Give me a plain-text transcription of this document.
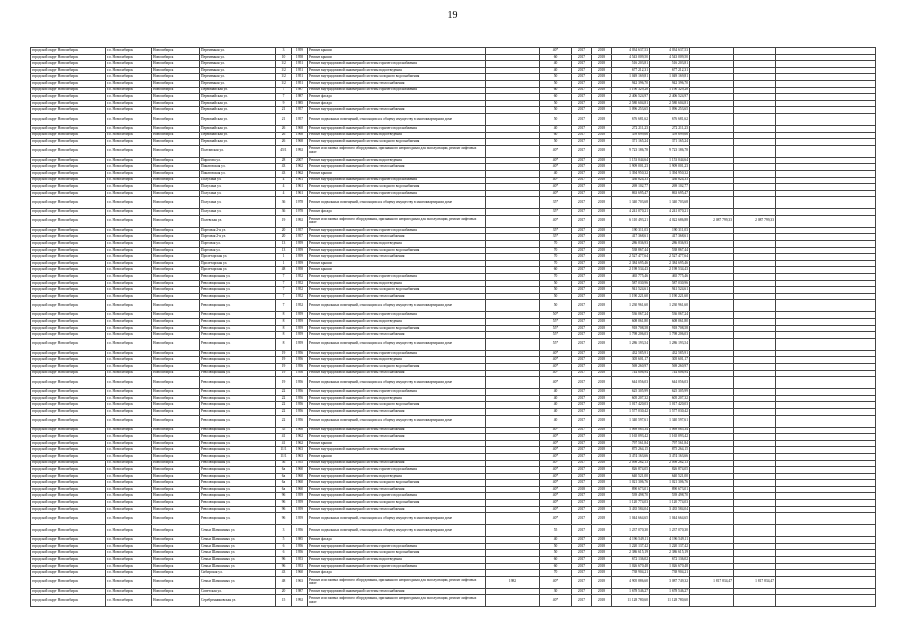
19
городской округ Новосибирск	г.о. Новосибирск	Новосибирск	Переменная ул.	3	1959	Ремонт крыши		40*	2017	2018	4 034 637,53	4 034 637,53			
городской округ Новосибирск	г.о. Новосибирск	Новосибирск	Переменная ул.	10	1958	Ремонт крыши		60	2017	2018	4 543 009,50	4 543 009,50			
городской округ Новосибирск	г.о. Новосибирск	Новосибирск	Переменная ул.	1/2	1951	Ремонт внутридомовой инженерной системы горячего водоснабжения		40	2017	2018	516 203,81	516 203,81			
городской округ Новосибирск	г.о. Новосибирск	Новосибирск	Переменная ул.	1/2	1951	Ремонт внутридомовой инженерной системы водоотведения		40	2017	2018	677 212,31	677 212,31			
городской округ Новосибирск	г.о. Новосибирск	Новосибирск	Переменная ул.	1/2	1951	Ремонт внутридомовой инженерной системы холодного водоснабжения		50	2017	2018	1 049 169,81	1 049 169,81			
городской округ Новосибирск	г.о. Новосибирск	Новосибирск	Переменная ул.	1/2	1951	Ремонт внутридомовой инженерной системы теплоснабжения		50	2017	2018	942 396,70	942 396,70			
городской округ Новосибирск	г.о. Новосибирск	Новосибирск	Первомайская ул.	7	1987	Ремонт внутридомовой инженерной системы горячего водоснабжения		60	2017	2018	1 190 329,28	1 190 329,28			
городской округ Новосибирск	г.о. Новосибирск	Новосибирск	Первомайская ул.	7	1987	Ремонт фасада		60	2017	2018	2 406 524,97	2 406 524,97			
городской округ Новосибирск	г.о. Новосибирск	Новосибирск	Первомайская ул.	9	1985	Ремонт фасада		50	2017	2018	2 580 604,81	2 580 604,81			
городской округ Новосибирск	г.о. Новосибирск	Новосибирск	Первомайская ул.	21	1957	Ремонт внутридомовой инженерной системы теплоснабжения		50	2017	2018	1 096 253,65	1 096 253,65			
городской округ Новосибирск	г.о. Новосибирск	Новосибирск	Первомайская ул.	21	1957	Ремонт подвальных помещений, относящихся к общему имуществу в многоквартирном доме		50	2017	2018	676 681,62	676 681,62			
городской округ Новосибирск	г.о. Новосибирск	Новосибирск	Первомайская ул.	26	1968	Ремонт внутридомовой инженерной системы горячего водоснабжения		40	2017	2018	272 211,23	272 211,23			
городской округ Новосибирск	г.о. Новосибирск	Новосибирск	Первомайская ул.	26	1968	Ремонт внутридомовой инженерной системы водоотведения		60	2017	2018	359 699,66	359 699,66			
городской округ Новосибирск	г.о. Новосибирск	Новосибирск	Первомайская ул.	26	1968	Ремонт внутридомовой инженерной системы холодного водоснабжения		50	2017	2018	371 165,24	371 165,24			
городской округ Новосибирск	г.о. Новосибирск	Новосибирск	Полтавская ул.	45/1	1992	Ремонт или замена лифтового оборудования, признанного непригодным для эксплуатации, ремонт лифтовых шахт		40*	2017	2018	9 723 186,78	9 723 186,78			
городской округ Новосибирск	г.о. Новосибирск	Новосибирск	Пирогова ул.	28	2007	Ремонт внутридомовой инженерной системы водоотведения		40*	2017	2018	1 153 044,64	1 153 044,64			
городской округ Новосибирск	г.о. Новосибирск	Новосибирск	Пикатовская ул.	43	1962	Ремонт внутридомовой инженерной системы теплоснабжения		40*	2017	2018	1 909 001,23	1 909 001,23			
городской округ Новосибирск	г.о. Новосибирск	Новосибирск	Пикатовская ул.	43	1962	Ремонт крыши		40	2017	2018	1 394 950,32	1 394 950,32			
городской округ Новосибирск	г.о. Новосибирск	Новосибирск	Полухина ул.	4	1961	Ремонт внутридомовой инженерной системы горячего водоснабжения		40*	2017	2018	436 824,33	436 824,33			
городской округ Новосибирск	г.о. Новосибирск	Новосибирск	Полухина ул.	4	1961	Ремонт внутридомовой инженерной системы холодного водоснабжения		40*	2017	2018	269 102,77	269 102,77			
городской округ Новосибирск	г.о. Новосибирск	Новосибирск	Полухина ул.	4	1961	Ремонт внутридомовой инженерной системы горячего водоснабжения		40*	2017	2018	863 695,47	863 695,47			
городской округ Новосибирск	г.о. Новосибирск	Новосибирск	Полухина ул.	36	1978	Ремонт подвальных помещений, относящихся к общему имуществу в многоквартирном доме		35*	2017	2018	1 340 703,68	1 340 703,68			
городской округ Новосибирск	г.о. Новосибирск	Новосибирск	Полухина ул.	36	1978	Ремонт фасада		35*	2017	2018	4 241 070,21	4 241 070,21			
городской округ Новосибирск	г.о. Новосибирск	Новосибирск	Полевская ул.	19	1992	Ремонт или замена лифтового оборудования, признанного непригодным для эксплуатации, ремонт лифтовых шахт		40*	2017	2018	6 110 493,21	4 022 686,88	2 087 799,33	2 087 799,33	
городской округ Новосибирск	г.о. Новосибирск	Новосибирск	Портовая 2-я ул.	20	1957	Ремонт внутридомовой инженерной системы горячего водоснабжения		35*	2017	2018	190 311,03	190 311,03			
городской округ Новосибирск	г.о. Новосибирск	Новосибирск	Портовая 2-я ул.	20	1957	Ремонт внутридомовой инженерной системы теплоснабжения		35*	2017	2018	417 368,61	417 368,61			
городской округ Новосибирск	г.о. Новосибирск	Новосибирск	Портовая ул.	13	1959	Ремонт внутридомовой инженерной системы водоотведения		70	2017	2018	286 836,93	286 836,93			
городской округ Новосибирск	г.о. Новосибирск	Новосибирск	Портовая ул.	13	1959	Ремонт внутридомовой инженерной системы холодного водоснабжения		70	2017	2018	538 867,44	538 867,44			
городской округ Новосибирск	г.о. Новосибирск	Новосибирск	Пролетарская ул.	1	1959	Ремонт внутридомовой инженерной системы теплоснабжения		70	2017	2018	2 527 477,64	2 527 477,64			
городской округ Новосибирск	г.о. Новосибирск	Новосибирск	Пролетарская ул.	1	1959	Ремонт крыши		70	2017	2018	2 384 695,46	2 384 695,46			
городской округ Новосибирск	г.о. Новосибирск	Новосибирск	Пролетарская ул.	48	1958	Ремонт крыши		60	2017	2018	2 198 534,43	2 198 534,43			
городской округ Новосибирск	г.о. Новосибирск	Новосибирск	Революционная ул.	7	1952	Ремонт внутридомовой инженерной системы горячего водоснабжения		70	2017	2018	465 775,46	465 775,46			
городской округ Новосибирск	г.о. Новосибирск	Новосибирск	Революционная ул.	7	1952	Ремонт внутридомовой инженерной системы водоотведения		50	2017	2018	587 030,96	587 030,96			
городской округ Новосибирск	г.о. Новосибирск	Новосибирск	Революционная ул.	7	1952	Ремонт внутридомовой инженерной системы холодного водоснабжения		50	2017	2018	941 524,61	941 524,61			
городской округ Новосибирск	г.о. Новосибирск	Новосибирск	Революционная ул.	7	1952	Ремонт внутридомовой инженерной системы теплоснабжения		50	2017	2018	1 190 221,60	1 190 221,60			
городской округ Новосибирск	г.о. Новосибирск	Новосибирск	Революционная ул.	7	1952	Ремонт подвальных помещений, относящихся к общему имуществу в многоквартирном доме		50	2017	2018	1 230 961,60	1 230 961,60			
городской округ Новосибирск	г.о. Новосибирск	Новосибирск	Революционная ул.	8	1959	Ремонт внутридомовой инженерной системы горячего водоснабжения		50*	2017	2018	536 067,24	536 067,24			
городской округ Новосибирск	г.о. Новосибирск	Новосибирск	Революционная ул.	8	1959	Ремонт внутридомовой инженерной системы водоотведения		55*	2017	2018	608 061,80	608 061,80			
городской округ Новосибирск	г.о. Новосибирск	Новосибирск	Революционная ул.	8	1959	Ремонт внутридомовой инженерной системы холодного водоснабжения		55*	2017	2018	918 708,58	918 708,58			
городской округ Новосибирск	г.о. Новосибирск	Новосибирск	Революционная ул.	8	1959	Ремонт внутридомовой инженерной системы теплоснабжения		55*	2017	2018	1 798 206,03	1 798 206,03			
городской округ Новосибирск	г.о. Новосибирск	Новосибирск	Революционная ул.	8	1959	Ремонт подвальных помещений, относящихся к общему имуществу в многоквартирном доме		55*	2017	2018	1 286 193,54	1 286 193,54			
городской округ Новосибирск	г.о. Новосибирск	Новосибирск	Революционная ул.	19	1956	Ремонт внутридомовой инженерной системы горячего водоснабжения		40*	2017	2018	432 585,91	432 585,91			
городской округ Новосибирск	г.о. Новосибирск	Новосибирск	Революционная ул.	19	1956	Ремонт внутридомовой инженерной системы водоотведения		40*	2017	2018	305 601,17	305 601,17			
городской округ Новосибирск	г.о. Новосибирск	Новосибирск	Революционная ул.	19	1956	Ремонт внутридомовой инженерной системы холодного водоснабжения		40*	2017	2018	569 260,97	569 260,97			
городской округ Новосибирск	г.о. Новосибирск	Новосибирск	Революционная ул.	19	1956	Ремонт внутридомовой инженерной системы теплоснабжения		40*	2017	2018	744 606,94	744 606,94			
городской округ Новосибирск	г.о. Новосибирск	Новосибирск	Революционная ул.	19	1956	Ремонт подвальных помещений, относящихся к общему имуществу в многоквартирном доме		40*	2017	2018	644 056,03	644 056,03			
городской округ Новосибирск	г.о. Новосибирск	Новосибирск	Революционная ул.	22	1956	Ремонт внутридомовой инженерной системы горячего водоснабжения		40	2017	2018	625 305,99	625 305,99			
городской округ Новосибирск	г.о. Новосибирск	Новосибирск	Революционная ул.	22	1956	Ремонт внутридомовой инженерной системы водоотведения		40	2017	2018	605 207,32	605 207,32			
городской округ Новосибирск	г.о. Новосибирск	Новосибирск	Революционная ул.	22	1956	Ремонт внутридомовой инженерной системы холодного водоснабжения		40	2017	2018	1 017 420,03	1 017 420,03			
городской округ Новосибирск	г.о. Новосибирск	Новосибирск	Революционная ул.	22	1956	Ремонт внутридомовой инженерной системы теплоснабжения		40	2017	2018	1 577 030,42	1 577 030,42			
городской округ Новосибирск	г.о. Новосибирск	Новосибирск	Революционная ул.	22	1956	Ремонт подвальных помещений, относящихся к общему имуществу в многоквартирном доме		40	2017	2018	1 340 597,61	1 340 597,61			
городской округ Новосибирск	г.о. Новосибирск	Новосибирск	Революционная ул.	35	1968	Ремонт внутридомовой инженерной системы теплоснабжения		40*	2017	2018	1 069 065,34	1 069 065,34			
городской округ Новосибирск	г.о. Новосибирск	Новосибирск	Революционная ул.	41	1962	Ремонт внутридомовой инженерной системы теплоснабжения		40*	2017	2018	1 165 093,42	1 165 093,42			
городской округ Новосибирск	г.о. Новосибирск	Новосибирск	Революционная ул.	41	1962	Ремонт крыши		40*	2017	2018	797 561,84	797 561,84			
городской округ Новосибирск	г.о. Новосибирск	Новосибирск	Революционная ул.	11/1	1963	Ремонт внутридомовой инженерной системы теплоснабжения		40*	2017	2018	875 264,15	875 264,15			
городской округ Новосибирск	г.о. Новосибирск	Новосибирск	Революционная ул.	11/1	1963	Ремонт крыши		40*	2017	2018	3 474 163,66	3 474 163,66			
городской округ Новосибирск	г.о. Новосибирск	Новосибирск	Революционная ул.	56	1955	Ремонт внутридомовой инженерной системы теплоснабжения		40*	2017	2018	2 098 262,13	2 098 262,13			
городской округ Новосибирск	г.о. Новосибирск	Новосибирск	Революционная ул.	6а	1960	Ремонт внутридомовой инженерной системы горячего водоснабжения		40*	2017	2018	826 874,05	826 874,05			
городской округ Новосибирск	г.о. Новосибирск	Новосибирск	Революционная ул.	6а	1960	Ремонт внутридомовой инженерной системы водоотведения		40*	2017	2018	640 521,00	640 521,00			
городской округ Новосибирск	г.о. Новосибирск	Новосибирск	Революционная ул.	6а	1960	Ремонт внутридомовой инженерной системы холодного водоснабжения		40*	2017	2018	1 021 306,76	1 021 306,76			
городской округ Новосибирск	г.о. Новосибирск	Новосибирск	Революционная ул.	6а	1960	Ремонт внутридомовой инженерной системы теплоснабжения		40*	2018	2018	890 673,01	890 673,01			
городской округ Новосибирск	г.о. Новосибирск	Новосибирск	Революционная ул.	96	1959	Ремонт внутридомовой инженерной системы горячего водоснабжения		40*	2017	2018	539 498,70	539 498,70			
городской округ Новосибирск	г.о. Новосибирск	Новосибирск	Революционная ул.	96	1959	Ремонт внутридомовой инженерной системы холодного водоснабжения		40*	2017	2018	1 120 774,03	1 120 774,03			
городской округ Новосибирск	г.о. Новосибирск	Новосибирск	Революционная ул.	96	1959	Ремонт внутридомовой инженерной системы теплоснабжения		40*	2017	2018	3 435 584,04	3 435 584,04			
городской округ Новосибирск	г.о. Новосибирск	Новосибирск	Революционная ул.	96	1959	Ремонт подвальных помещений, относящихся к общему имуществу в многоквартирном доме		40*	2017	2018	1 044 664,65	1 044 664,65			
городской округ Новосибирск	г.о. Новосибирск	Новосибирск	Семьи Шамшиных ул.	3	1956	Ремонт подвальных помещений, относящихся к общему имуществу в многоквартирном доме		55	2017	2018	1 237 070,30	1 237 070,30			
городской округ Новосибирск	г.о. Новосибирск	Новосибирск	Семьи Шамшиных ул.	5	1985	Ремонт фасада		40	2017	2018	4 196 549,11	4 196 549,11			
городской округ Новосибирск	г.о. Новосибирск	Новосибирск	Семьи Шамшиных ул.	6	1956	Ремонт внутридомовой инженерной системы горячего водоснабжения		50	2017	2018	1 220 137,42	1 220 137,42			
городской округ Новосибирск	г.о. Новосибирск	Новосибирск	Семьи Шамшиных ул.	6	1956	Ремонт внутридомовой инженерной системы холодного водоснабжения		50	2017	2018	2 386 615,19	2 386 615,19			
городской округ Новосибирск	г.о. Новосибирск	Новосибирск	Семьи Шамшиных ул.	96	1953	Ремонт внутридомовой инженерной системы водоотведения		60	2017	2018	672 136,02	672 136,02			
городской округ Новосибирск	г.о. Новосибирск	Новосибирск	Семьи Шамшиных ул.	96	1953	Ремонт внутридомовой инженерной системы горячего водоснабжения		60	2017	2018	1 026 670,48	1 026 670,48			
городской округ Новосибирск	г.о. Новосибирск	Новосибирск	Сибирская ул.	43	1960	Ремонт фасада		70	2017	2018	738 904,21	738 904,21			
городской округ Новосибирск	г.о. Новосибирск	Новосибирск	Семьи Шамшиных ул.	48	1963	Ремонт или замена лифтового оборудования, признанного непригодным для эксплуатации, ремонт лифтовых шахт	1982	40*	2017	2018	4 905 886,60	3 087 749,32	1 817 834,47	1 817 834,47	
городской округ Новосибирск	г.о. Новосибирск	Новосибирск	Советская ул.	20	1987	Ремонт внутридомовой инженерной системы теплоснабжения		30	2017	2018	1 678 546,27	1 678 546,27			
городской округ Новосибирск	г.о. Новосибирск	Новосибирск	Серебренниковская ул.	15	1992	Ремонт или замена лифтового оборудования, признанного непригодным для эксплуатации, ремонт лифтовых шахт		40*	2017	2018	11 128 780,60	11 128 780,60			
